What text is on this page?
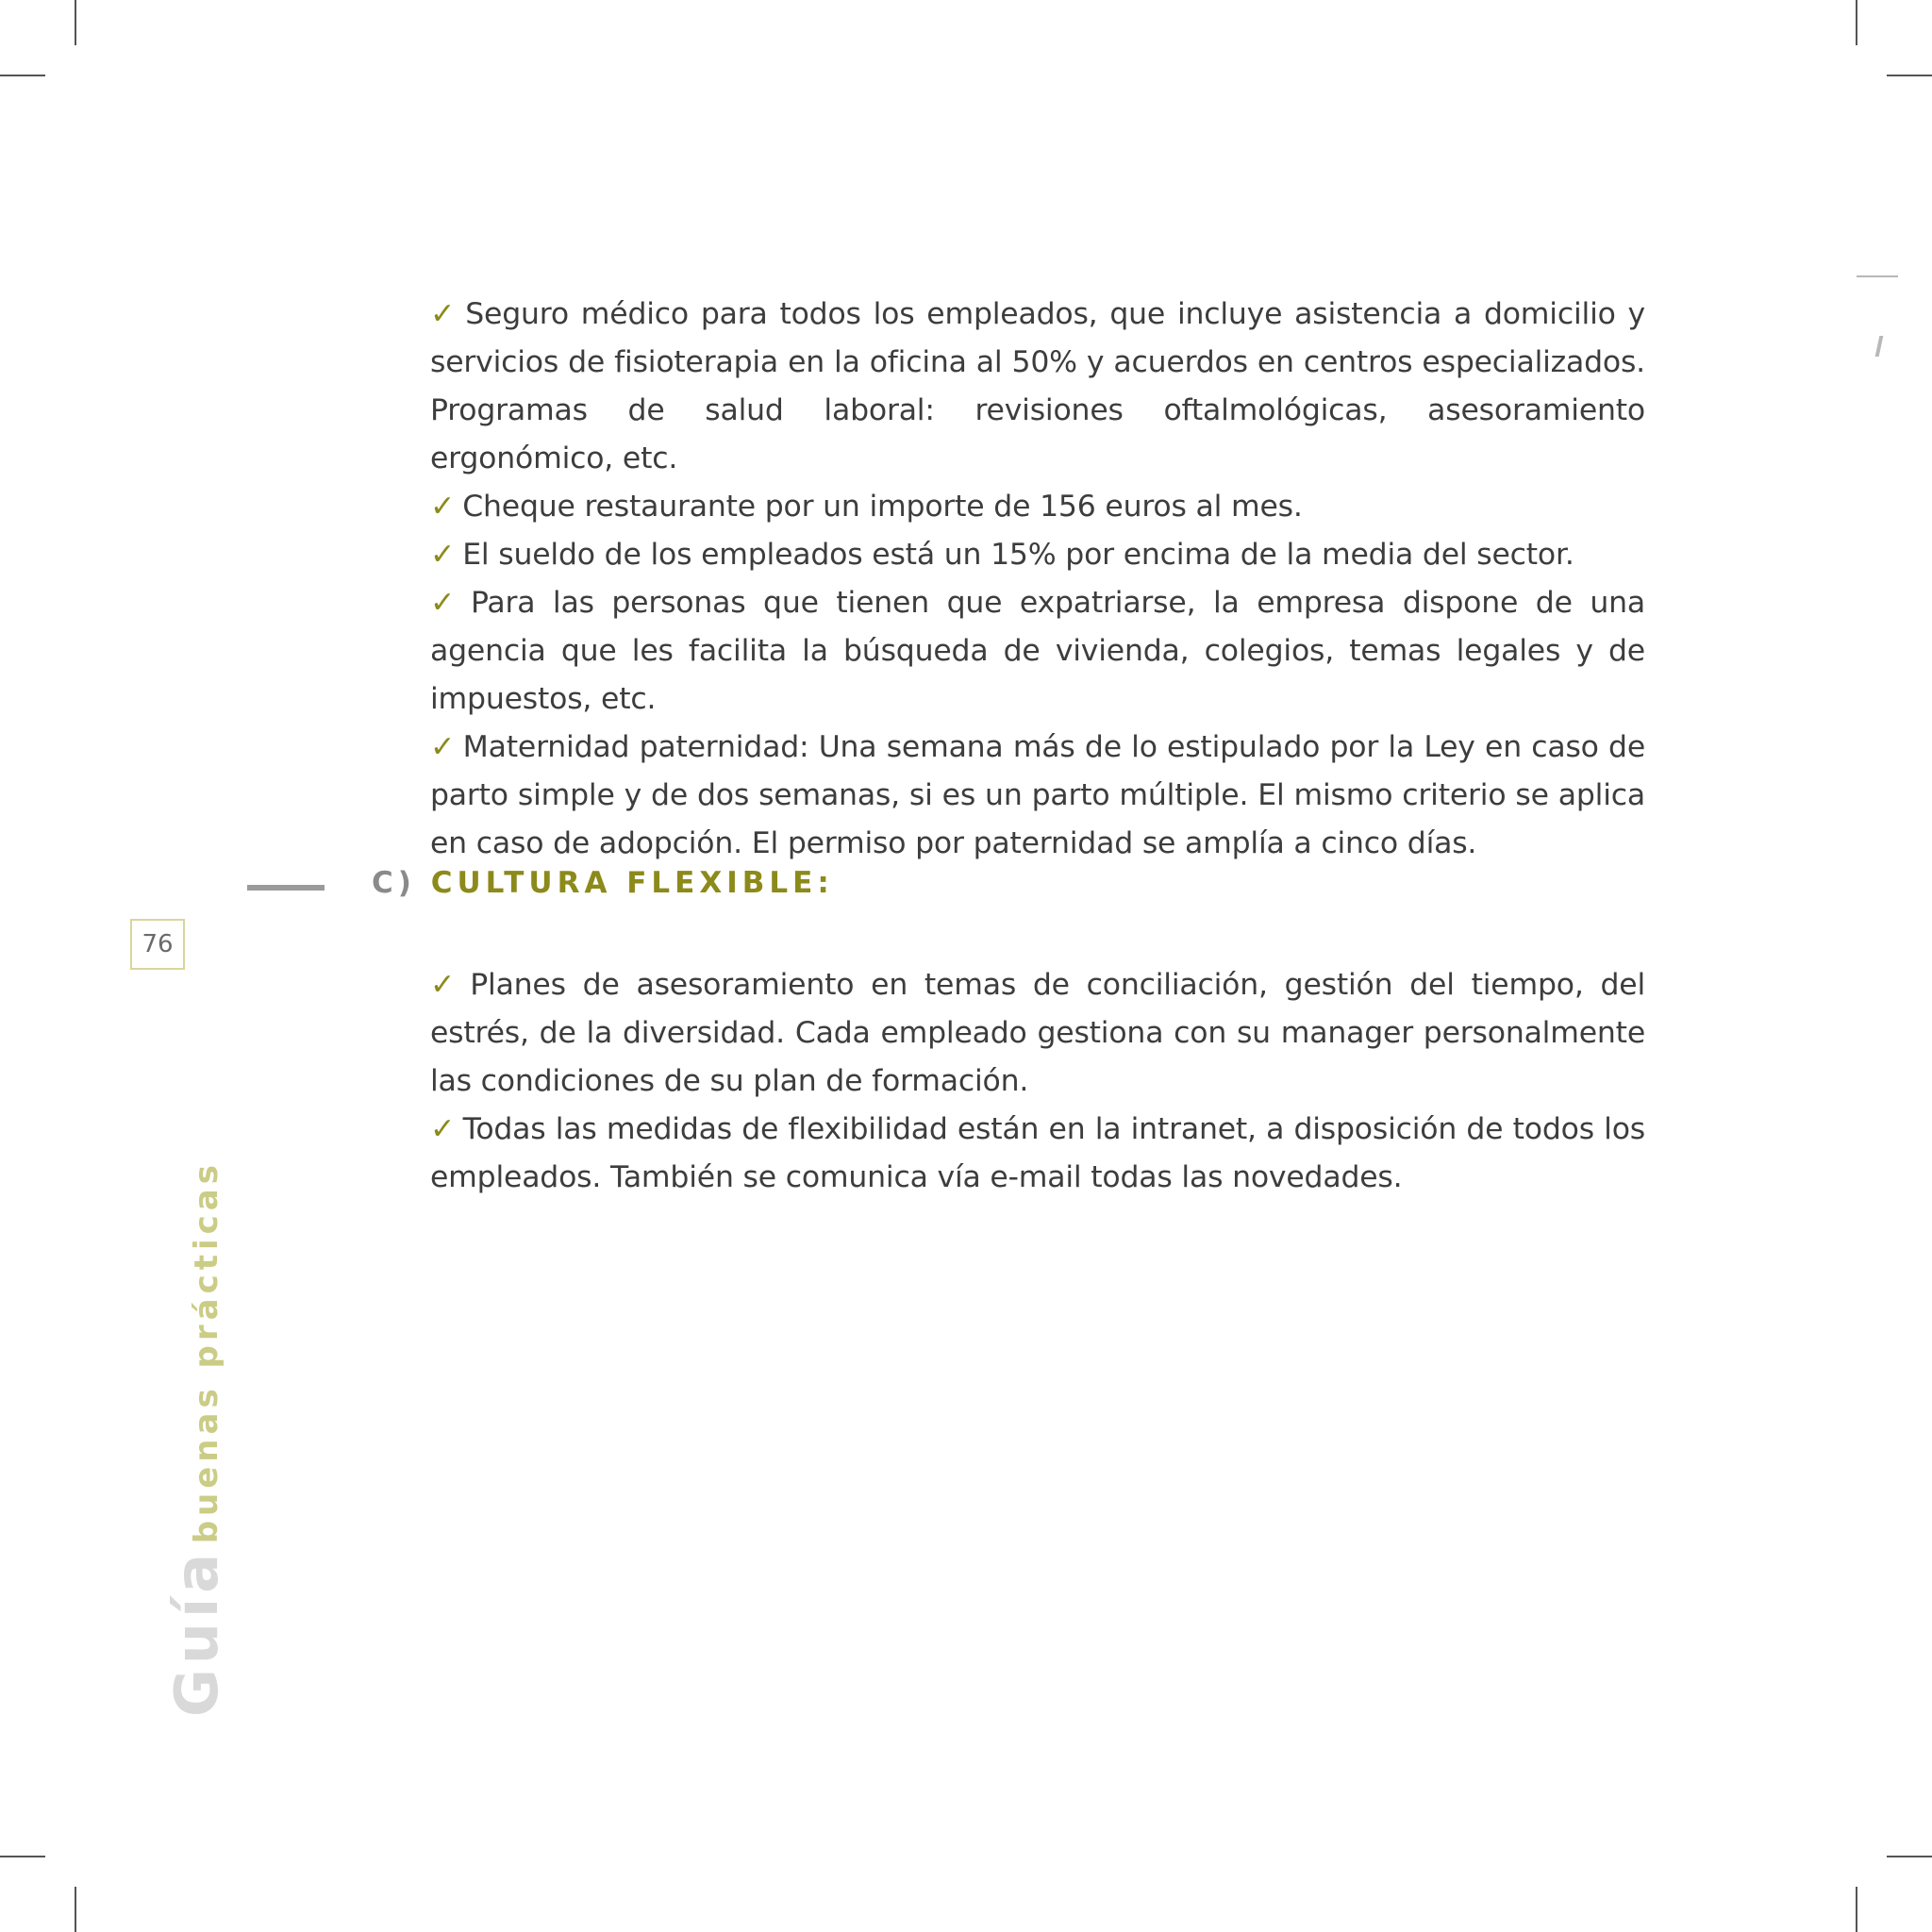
✓ Seguro médico para todos los empleados, que incluye asistencia a domicilio y servicios de fisioterapia en la oficina al 50% y acuerdos en centros especializados. Programas de salud laboral: revisiones oftalmológicas, asesoramiento ergonómico, etc.

✓ Cheque restaurante por un importe de 156 euros al mes.

✓ El sueldo de los empleados está un 15% por encima de la media del sector.

✓ Para las personas que tienen que expatriarse, la empresa dispone de una agencia que les facilita la búsqueda de vivienda, colegios, temas legales y de impuestos, etc.

✓ Maternidad paternidad: Una semana más de lo estipulado por la Ley en caso de parto simple y de dos semanas, si es un parto múltiple. El mismo criterio se aplica en caso de adopción. El permiso por paternidad se amplía a cinco días.

C) CULTURA FLEXIBLE:
76

✓ Planes de asesoramiento en temas de conciliación, gestión del tiempo, del estrés, de la diversidad. Cada empleado gestiona con su manager personalmente las condiciones de su plan de formación.

✓ Todas las medidas de flexibilidad están en la intranet, a disposición de todos los empleados. También se comunica vía e-mail todas las novedades.

Guía buenas prácticas
